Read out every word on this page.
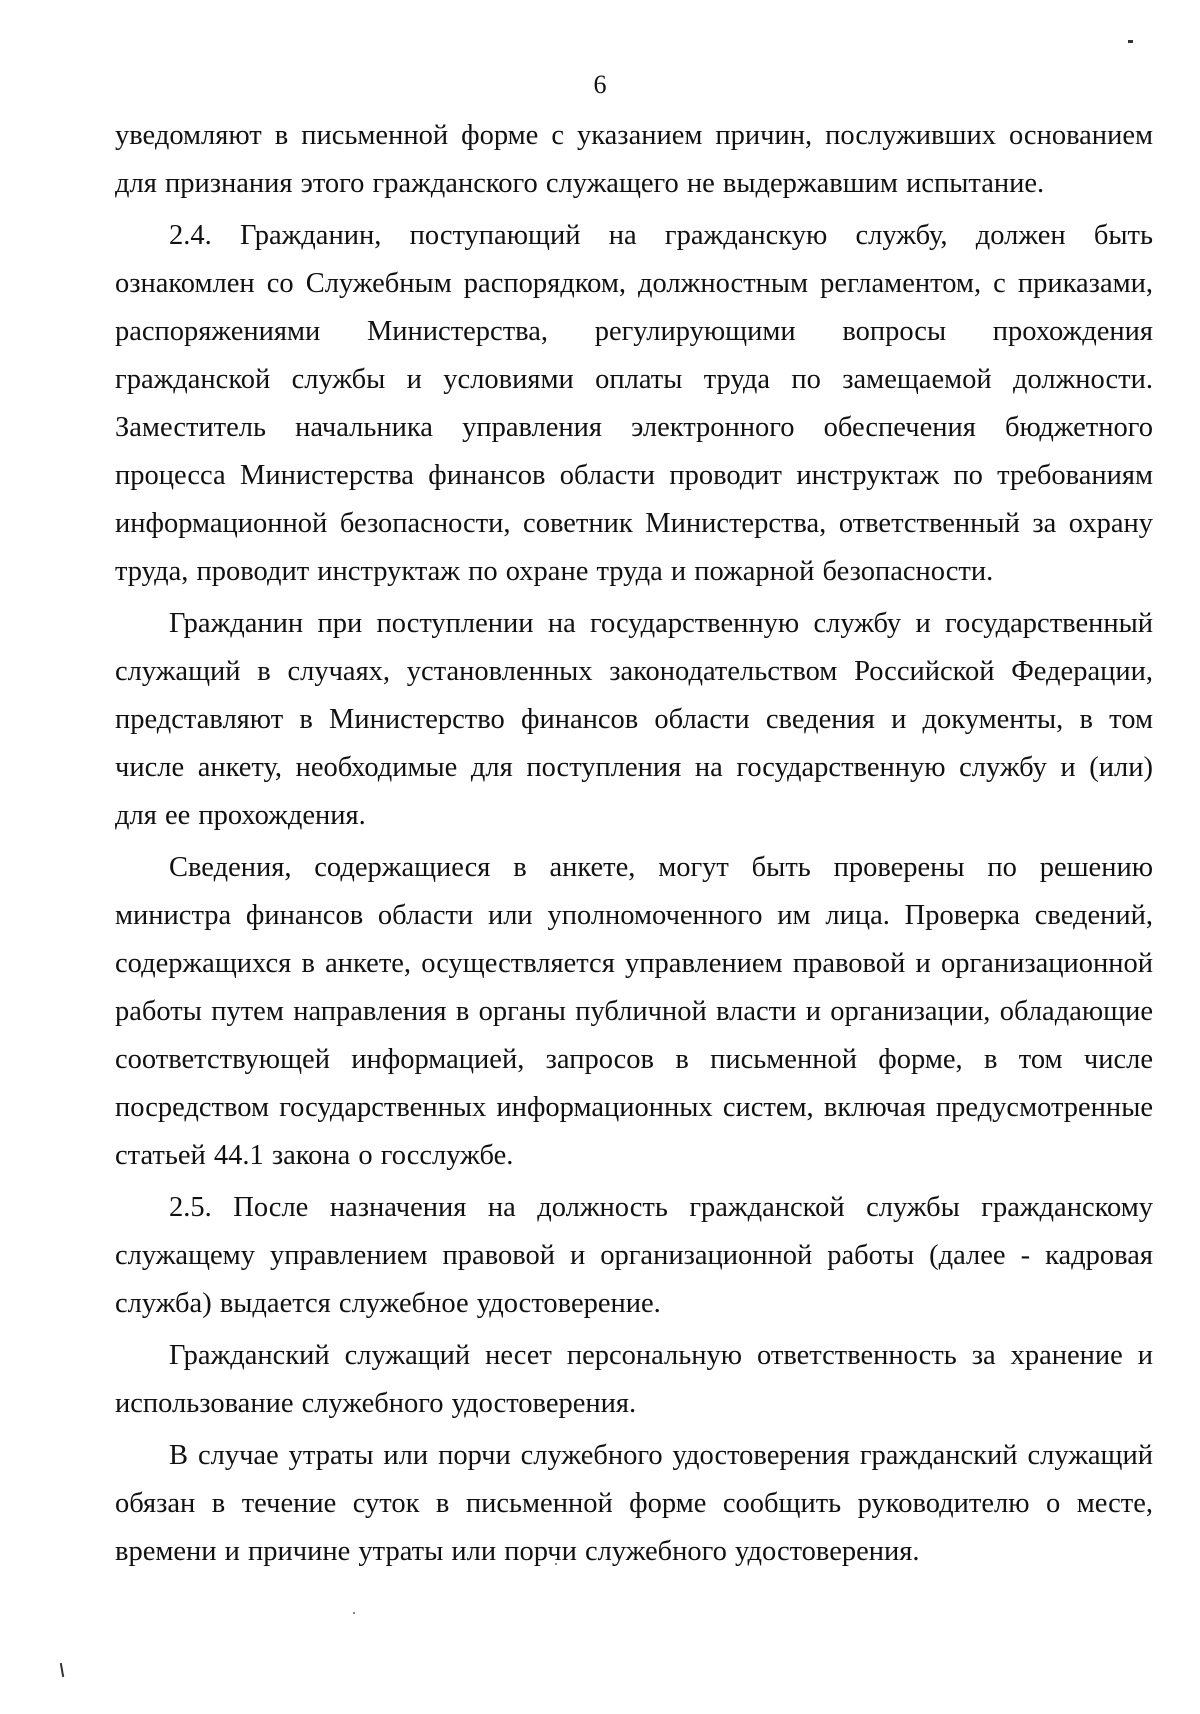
6

уведомляют в письменной форме с указанием причин, послуживших основанием для признания этого гражданского служащего не выдержавшим испытание.

2.4. Гражданин, поступающий на гражданскую службу, должен быть ознакомлен со Служебным распорядком, должностным регламентом, с приказами, распоряжениями Министерства, регулирующими вопросы прохождения гражданской службы и условиями оплаты труда по замещаемой должности. Заместитель начальника управления электронного обеспечения бюджетного процесса Министерства финансов области проводит инструктаж по требованиям информационной безопасности, советник Министерства, ответственный за охрану труда, проводит инструктаж по охране труда и пожарной безопасности.

Гражданин при поступлении на государственную службу и государственный служащий в случаях, установленных законодательством Российской Федерации, представляют в Министерство финансов области сведения и документы, в том числе анкету, необходимые для поступления на государственную службу и (или) для ее прохождения.

Сведения, содержащиеся в анкете, могут быть проверены по решению министра финансов области или уполномоченного им лица. Проверка сведений, содержащихся в анкете, осуществляется управлением правовой и организационной работы путем направления в органы публичной власти и организации, обладающие соответствующей информацией, запросов в письменной форме, в том числе посредством государственных информационных систем, включая предусмотренные статьей 44.1 закона о госслужбе.

2.5. После назначения на должность гражданской службы гражданскому служащему управлением правовой и организационной работы (далее - кадровая служба) выдается служебное удостоверение.

Гражданский служащий несет персональную ответственность за хранение и использование служебного удостоверения.

В случае утраты или порчи служебного удостоверения гражданский служащий обязан в течение суток в письменной форме сообщить руководителю о месте, времени и причине утраты или порчи служебного удостоверения.
